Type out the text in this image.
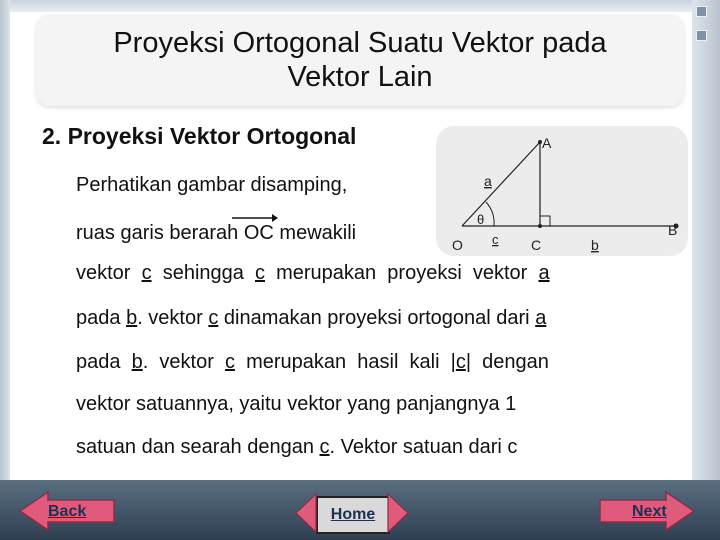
Proyeksi Ortogonal Suatu Vektor pada
Vektor Lain
2. Proyeksi Vektor Ortogonal
Perhatikan gambar disamping,
ruas garis berarah
OC mewakili
vektor  c  sehingga  c  merupakan  proyeksi  vektor  a
pada b. vektor c dinamakan proyeksi ortogonal dari a
pada  b.  vektor  c  merupakan  hasil  kali  |c|  dengan
vektor satuannya, yaitu vektor yang panjangnya 1
satuan dan searah dengan c. Vektor satuan dari c
A
a
θ
O c C	b
B
Back	Home	Next
